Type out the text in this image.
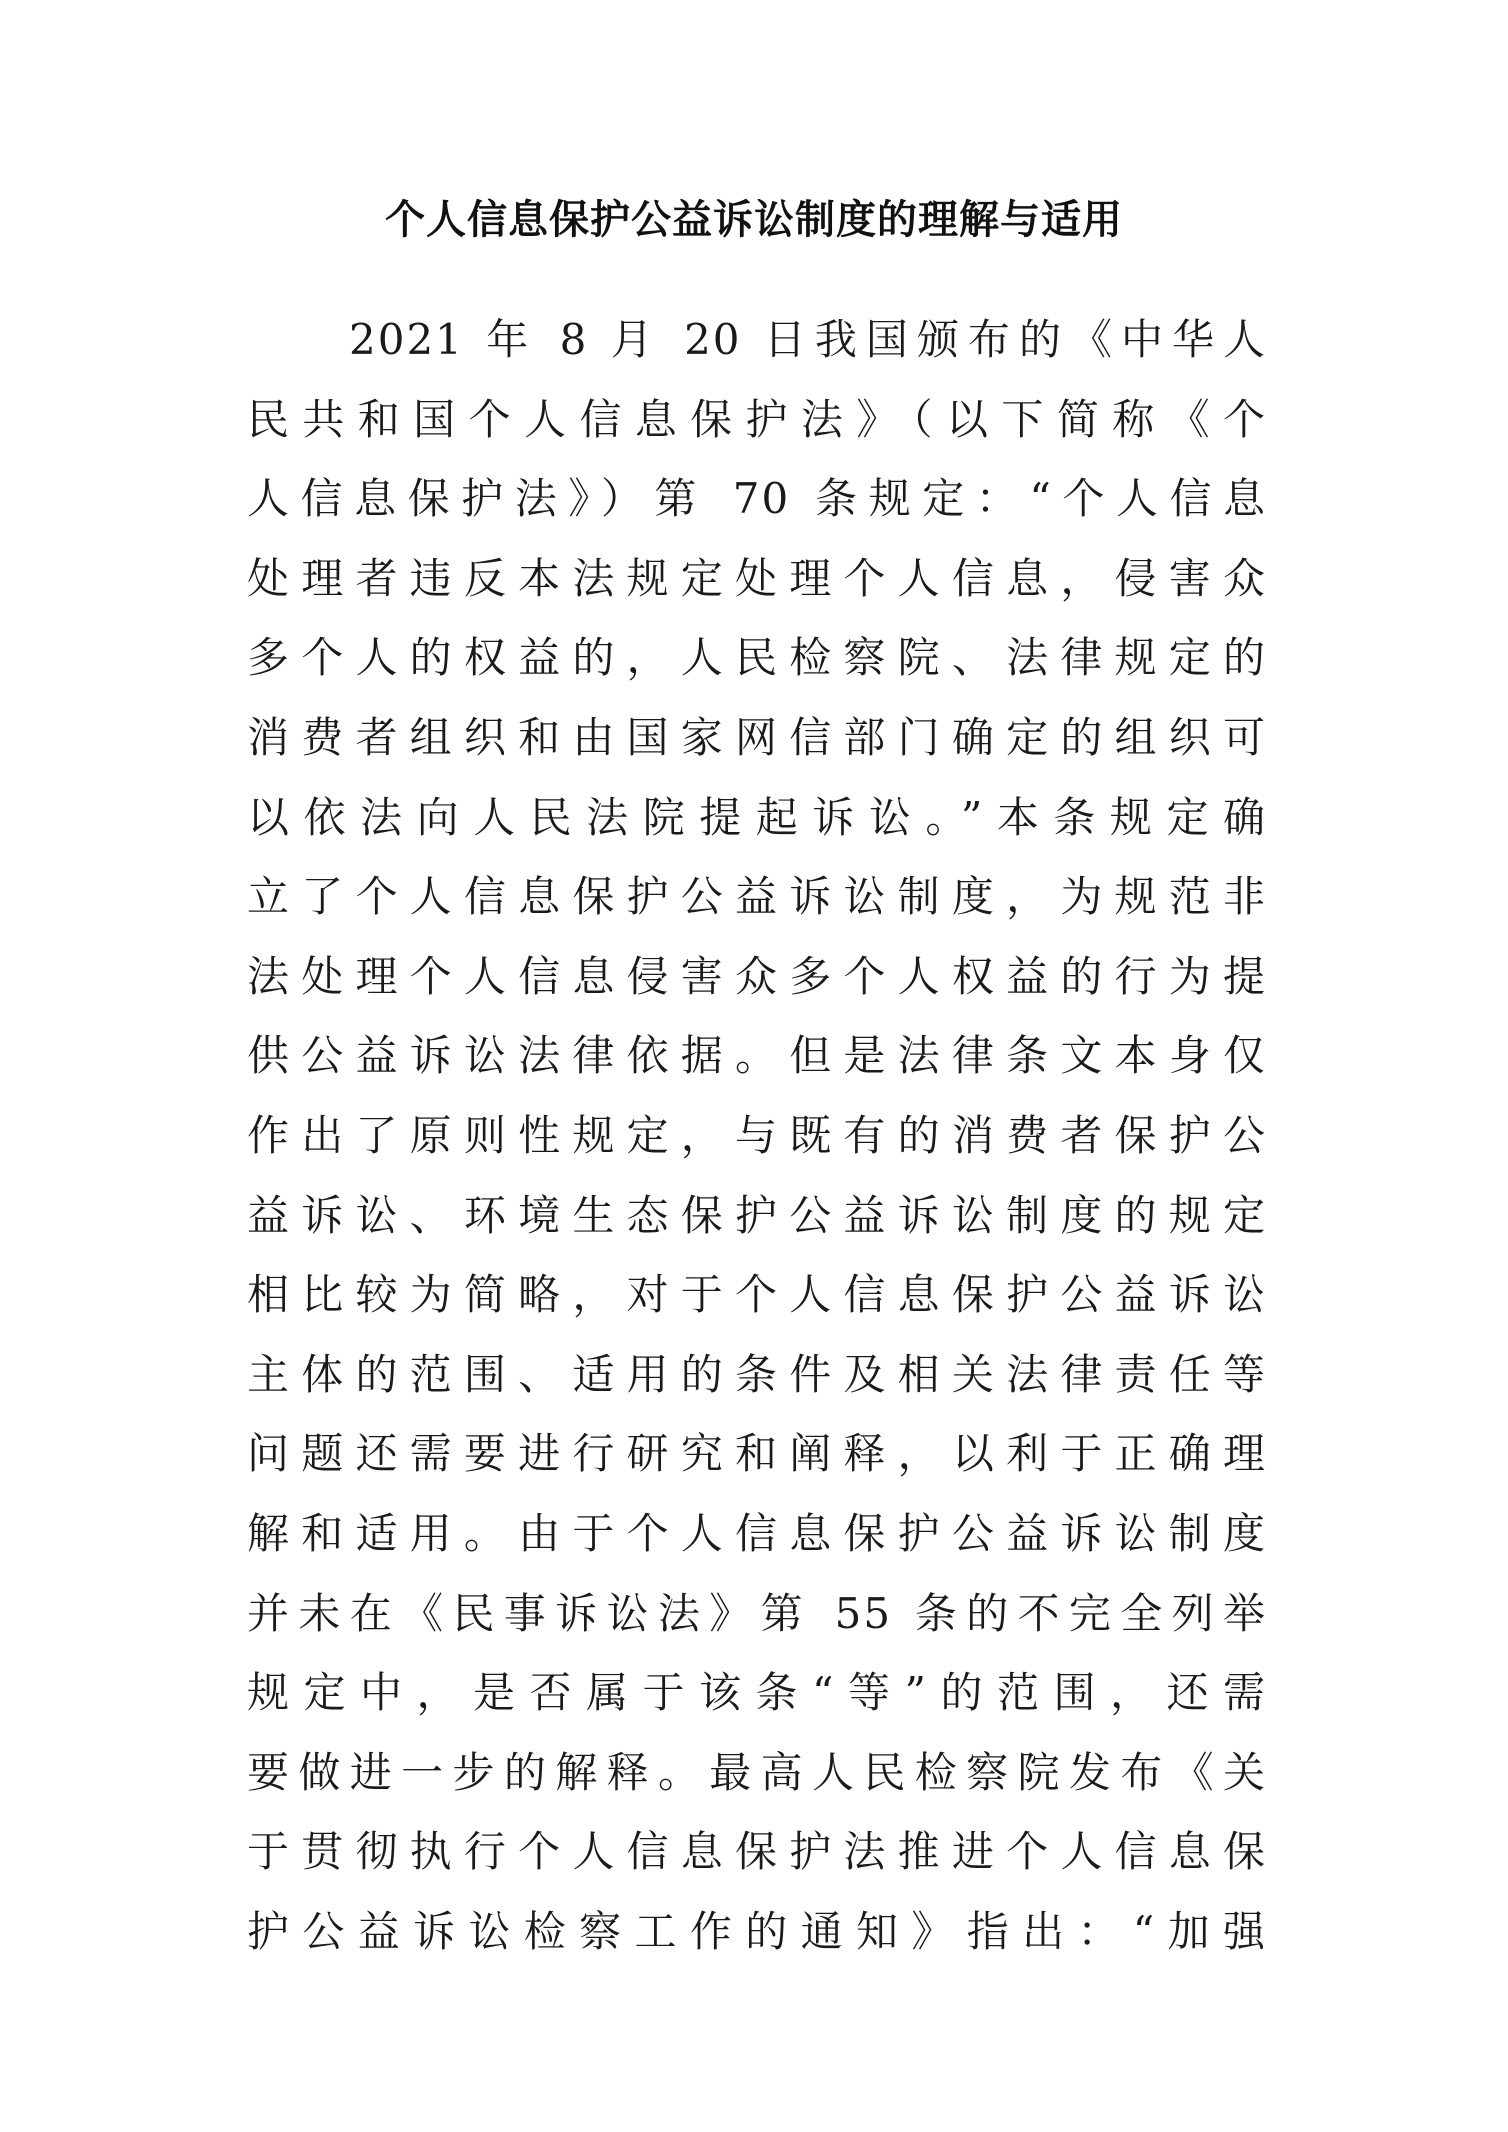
个人信息保护公益诉讼制度的理解与适用
2021 年 8 月 20 日我国颁布的《中华人
民共和国个人信息保护法》（以下简称《个
人信息保护法》）第 70 条规定：“个人信息
处理者违反本法规定处理个人信息，侵害众
多个人的权益的，人民检察院、法律规定的
消费者组织和由国家网信部门确定的组织可
以依法向人民法院提起诉讼。”本条规定确
立了个人信息保护公益诉讼制度，为规范非
法处理个人信息侵害众多个人权益的行为提
供公益诉讼法律依据。但是法律条文本身仅
作出了原则性规定，与既有的消费者保护公
益诉讼、环境生态保护公益诉讼制度的规定
相比较为简略，对于个人信息保护公益诉讼
主体的范围、适用的条件及相关法律责任等
问题还需要进行研究和阐释，以利于正确理
解和适用。由于个人信息保护公益诉讼制度
并未在《民事诉讼法》第 55 条的不完全列举
规定中，是否属于该条“等”的范围，还需
要做进一步的解释。最高人民检察院发布《关
于贯彻执行个人信息保护法推进个人信息保
护公益诉讼检察工作的通知》指出：“加强
